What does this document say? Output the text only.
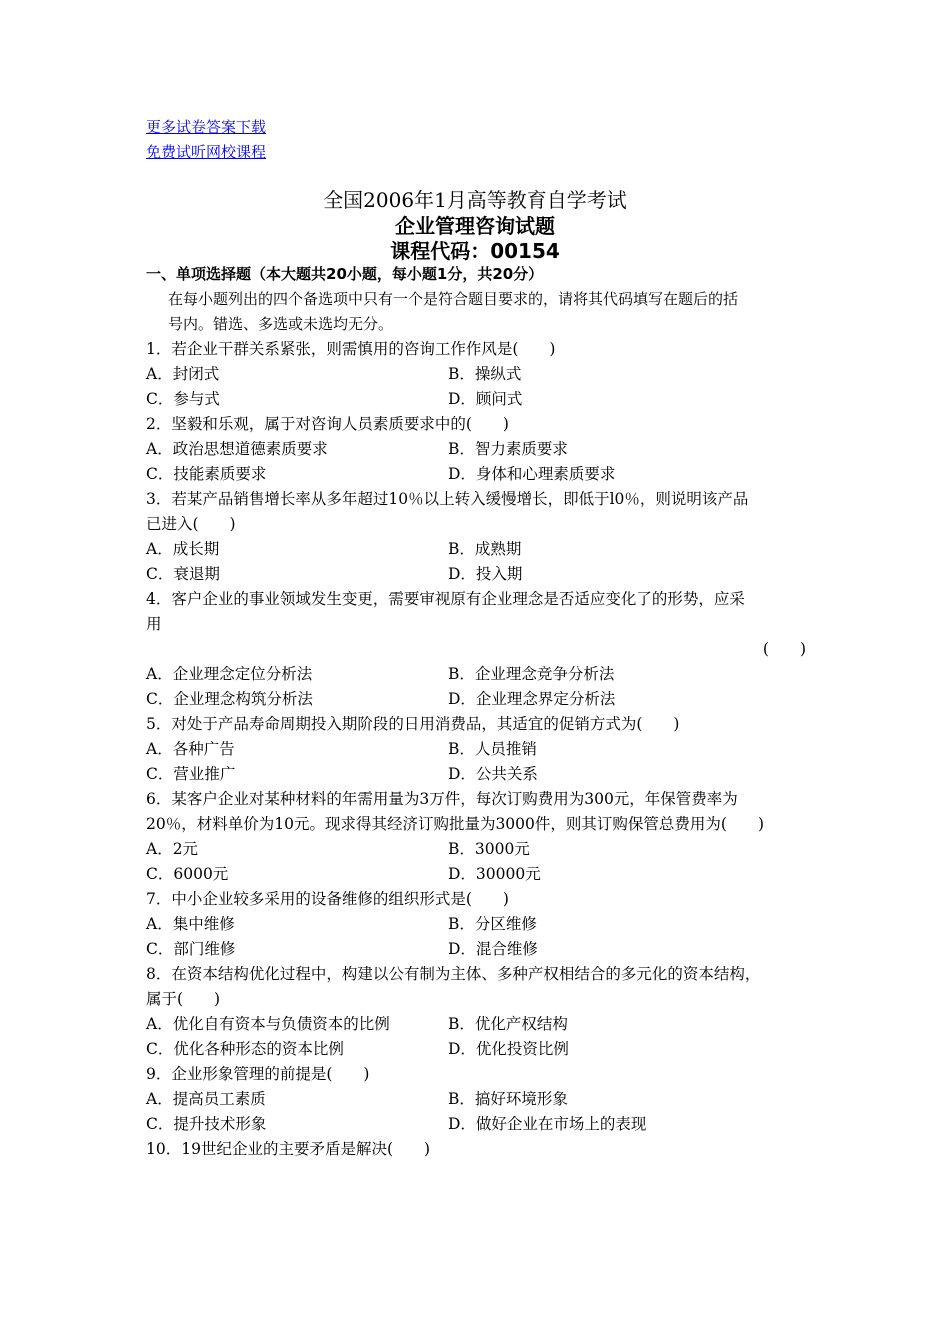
更多试卷答案下载
免费试听网校课程
全国2006年1月高等教育自学考试
企业管理咨询试题
课程代码：00154
一、单项选择题（本大题共20小题，每小题1分，共20分）
在每小题列出的四个备选项中只有一个是符合题目要求的，请将其代码填写在题后的括
号内。错选、多选或未选均无分。
1．若企业干群关系紧张，则需慎用的咨询工作作风是(　　)
A．封闭式	B．操纵式
C．参与式	D．顾问式
2．坚毅和乐观，属于对咨询人员素质要求中的(　　)
A．政治思想道德素质要求	B．智力素质要求
C．技能素质要求	D．身体和心理素质要求
3．若某产品销售增长率从多年超过10％以上转入缓慢增长，即低于l0％，则说明该产品
已进入(　　)
A．成长期	B．成熟期
C．衰退期	D．投入期
4．客户企业的事业领域发生变更，需要审视原有企业理念是否适应变化了的形势，应采
用
(　　)
A．企业理念定位分析法	B．企业理念竞争分析法
C．企业理念构筑分析法	D．企业理念界定分析法
5．对处于产品寿命周期投入期阶段的日用消费品，其适宜的促销方式为(　　)
A．各种广告	B．人员推销
C．营业推广	D．公共关系
6．某客户企业对某种材料的年需用量为3万件，每次订购费用为300元，年保管费率为
20％，材料单价为10元。现求得其经济订购批量为3000件，则其订购保管总费用为(　　)
A．2元	B．3000元
C．6000元	D．30000元
7．中小企业较多采用的设备维修的组织形式是(　　)
A．集中维修	B．分区维修
C．部门维修	D．混合维修
8．在资本结构优化过程中，构建以公有制为主体、多种产权相结合的多元化的资本结构，
属于(　　)
A．优化自有资本与负债资本的比例	B．优化产权结构
C．优化各种形态的资本比例	D．优化投资比例
9．企业形象管理的前提是(　　)
A．提高员工素质	B．搞好环境形象
C．提升技术形象	D．做好企业在市场上的表现
10．19世纪企业的主要矛盾是解决(　　)
